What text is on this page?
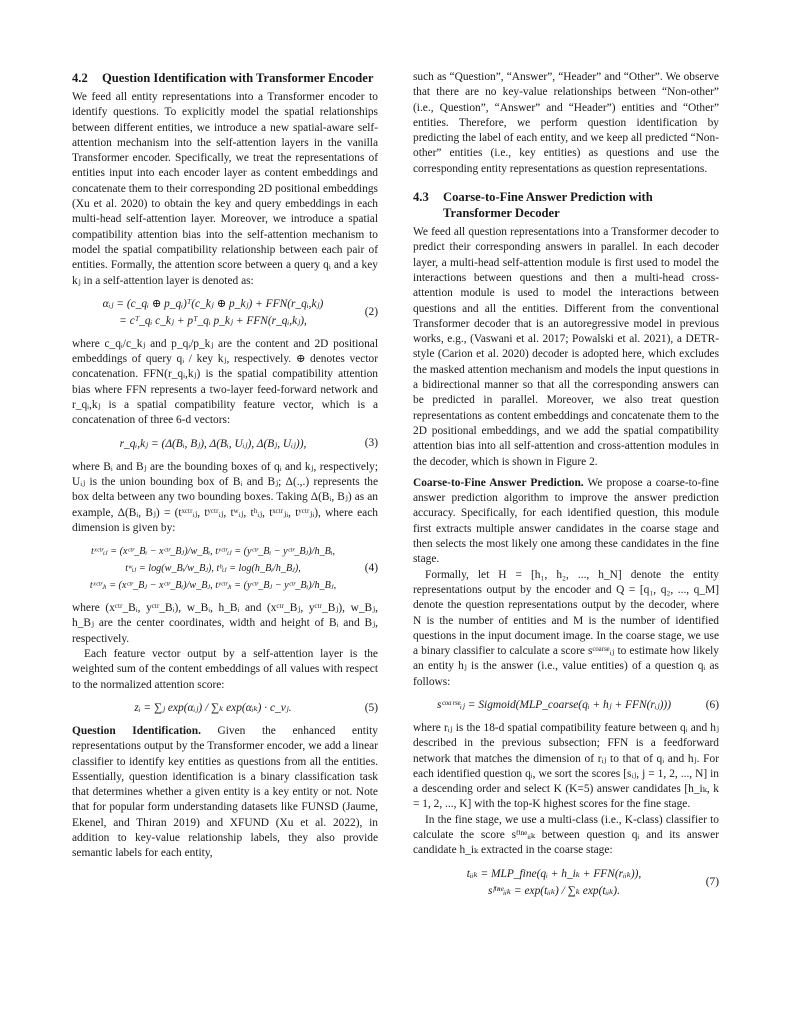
4.2	Question Identification with Transformer Encoder

We feed all entity representations into a Transformer encoder to identify questions. To explicitly model the spatial relationships between different entities, we introduce a new spatial-aware self-attention mechanism into the self-attention layers in the vanilla Transformer encoder. Specifically, we treat the representations of entities input into each encoder layer as content embeddings and concatenate them to their corresponding 2D positional embeddings (Xu et al. 2020) to obtain the key and query embeddings in each multi-head self-attention layer. Moreover, we introduce a spatial compatibility attention bias into the self-attention mechanism to model the spatial compatibility relationship between each pair of entities. Formally, the attention score between a query qᵢ and a key kⱼ in a self-attention layer is denoted as:

αᵢⱼ = (c_qᵢ ⊕ p_qᵢ)ᵀ(c_kⱼ ⊕ p_kⱼ) + FFN(r_qᵢ,kⱼ)
= cᵀ_qᵢ c_kⱼ + pᵀ_qᵢ p_kⱼ + FFN(r_qᵢ,kⱼ),
(2)

where c_qᵢ/c_kⱼ and p_qᵢ/p_kⱼ are the content and 2D positional embeddings of query qᵢ / key kⱼ, respectively. ⊕ denotes vector concatenation. FFN(r_qᵢ,kⱼ) is the spatial compatibility attention bias where FFN represents a two-layer feed-forward network and r_qᵢ,kⱼ is a spatial compatibility feature vector, which is a concatenation of three 6-d vectors:

r_qᵢ,kⱼ = (Δ(Bᵢ, Bⱼ), Δ(Bᵢ, Uᵢⱼ), Δ(Bⱼ, Uᵢⱼ)),	(3)

where Bᵢ and Bⱼ are the bounding boxes of qᵢ and kⱼ, respectively; Uᵢⱼ is the union bounding box of Bᵢ and Bⱼ; Δ(.,.) represents the box delta between any two bounding boxes. Taking Δ(Bᵢ, Bⱼ) as an example, Δ(Bᵢ, Bⱼ) = (tˣᶜᵗʳᵢⱼ, tʸᶜᵗʳᵢⱼ, tʷᵢⱼ, tʰᵢⱼ, tˣᶜᵗʳⱼᵢ, tʸᶜᵗʳⱼᵢ), where each dimension is given by:

tˣᶜᵗʳᵢⱼ = (xᶜᵗʳ_Bᵢ − xᶜᵗʳ_Bⱼ)/w_Bᵢ, tʸᶜᵗʳᵢⱼ = (yᶜᵗʳ_Bᵢ − yᶜᵗʳ_Bⱼ)/h_Bᵢ,
tʷᵢⱼ = log(w_Bᵢ/w_Bⱼ), tʰᵢⱼ = log(h_Bᵢ/h_Bⱼ),
tˣᶜᵗʳⱼᵢ = (xᶜᵗʳ_Bⱼ − xᶜᵗʳ_Bᵢ)/w_Bⱼ, tʸᶜᵗʳⱼᵢ = (yᶜᵗʳ_Bⱼ − yᶜᵗʳ_Bᵢ)/h_Bⱼ,
(4)

where (xᶜᵗʳ_Bᵢ, yᶜᵗʳ_Bᵢ), w_Bᵢ, h_Bᵢ and (xᶜᵗʳ_Bⱼ, yᶜᵗʳ_Bⱼ), w_Bⱼ, h_Bⱼ are the center coordinates, width and height of Bᵢ and Bⱼ, respectively.

Each feature vector output by a self-attention layer is the weighted sum of the content embeddings of all values with respect to the normalized attention score:

zᵢ = ∑ⱼ exp(αᵢⱼ) / ∑ₖ exp(αᵢₖ) · c_vⱼ.	(5)

Question Identification. Given the enhanced entity representations output by the Transformer encoder, we add a linear classifier to identify key entities as questions from all the entities. Essentially, question identification is a binary classification task that determines whether a given entity is a key entity or not. Note that for popular form understanding datasets like FUNSD (Jaume, Ekenel, and Thiran 2019) and XFUND (Xu et al. 2022), in addition to key-value relationship labels, they also provide semantic labels for each entity,

such as “Question”, “Answer”, “Header” and “Other”. We observe that there are no key-value relationships between “Non-other” (i.e., Question”, “Answer” and “Header”) entities and “Other” entities. Therefore, we perform question identification by predicting the label of each entity, and we keep all predicted “Non-other” entities (i.e., key entities) as questions and use the corresponding entity representations as question representations.

4.3	Coarse-to-Fine Answer Prediction with Transformer Decoder

We feed all question representations into a Transformer decoder to predict their corresponding answers in parallel. In each decoder layer, a multi-head self-attention module is first used to model the interactions between questions and then a multi-head cross-attention module is used to model the interactions between questions and all the entities. Different from the conventional Transformer decoder that is an autoregressive model in previous works, e.g., (Vaswani et al. 2017; Powalski et al. 2021), a DETR-style (Carion et al. 2020) decoder is adopted here, which excludes the masked attention mechanism and models the input questions in a bidirectional manner so that all the corresponding answers can be predicted in parallel. Moreover, we also treat question representations as content embeddings and concatenate them to the 2D positional embeddings, and we add the spatial compatibility attention bias into all self-attention and cross-attention modules in the decoder, which is shown in Figure 2.

Coarse-to-Fine Answer Prediction. We propose a coarse-to-fine answer prediction algorithm to improve the answer prediction accuracy. Specifically, for each identified question, this module first extracts multiple answer candidates in the coarse stage and then selects the most likely one among these candidates in the fine stage.

Formally, let H = [h₁, h₂, ..., h_N] denote the entity representations output by the encoder and Q = [q₁, q₂, ..., q_M] denote the question representations output by the decoder, where N is the number of entities and M is the number of identified questions in the input document image. In the coarse stage, we use a binary classifier to calculate a score sᶜᵒᵃʳˢᵉᵢⱼ to estimate how likely an entity hⱼ is the answer (i.e., value entities) of a question qᵢ as follows:

sᶜᵒᵃʳˢᵉᵢⱼ = Sigmoid(MLP_coarse(qᵢ + hⱼ + FFN(rᵢⱼ)))	(6)

where rᵢⱼ is the 18-d spatial compatibility feature between qᵢ and hⱼ described in the previous subsection; FFN is a feedforward network that matches the dimension of rᵢⱼ to that of qᵢ and hⱼ. For each identified question qᵢ, we sort the scores [sᵢⱼ, j = 1, 2, ..., N] in a descending order and select K (K=5) answer candidates [h_iₖ, k = 1, 2, ..., K] with the top-K highest scores for the fine stage.

In the fine stage, we use a multi-class (i.e., K-class) classifier to calculate the score sᶠⁱⁿᵉᵢᵢₖ between question qᵢ and its answer candidate h_iₖ extracted in the coarse stage:

tᵢᵢₖ = MLP_fine(qᵢ + h_iₖ + FFN(rᵢᵢₖ)),
sᶠⁱⁿᵉᵢᵢₖ = exp(tᵢᵢₖ) / ∑ₖ exp(tᵢᵢₖ).
(7)
